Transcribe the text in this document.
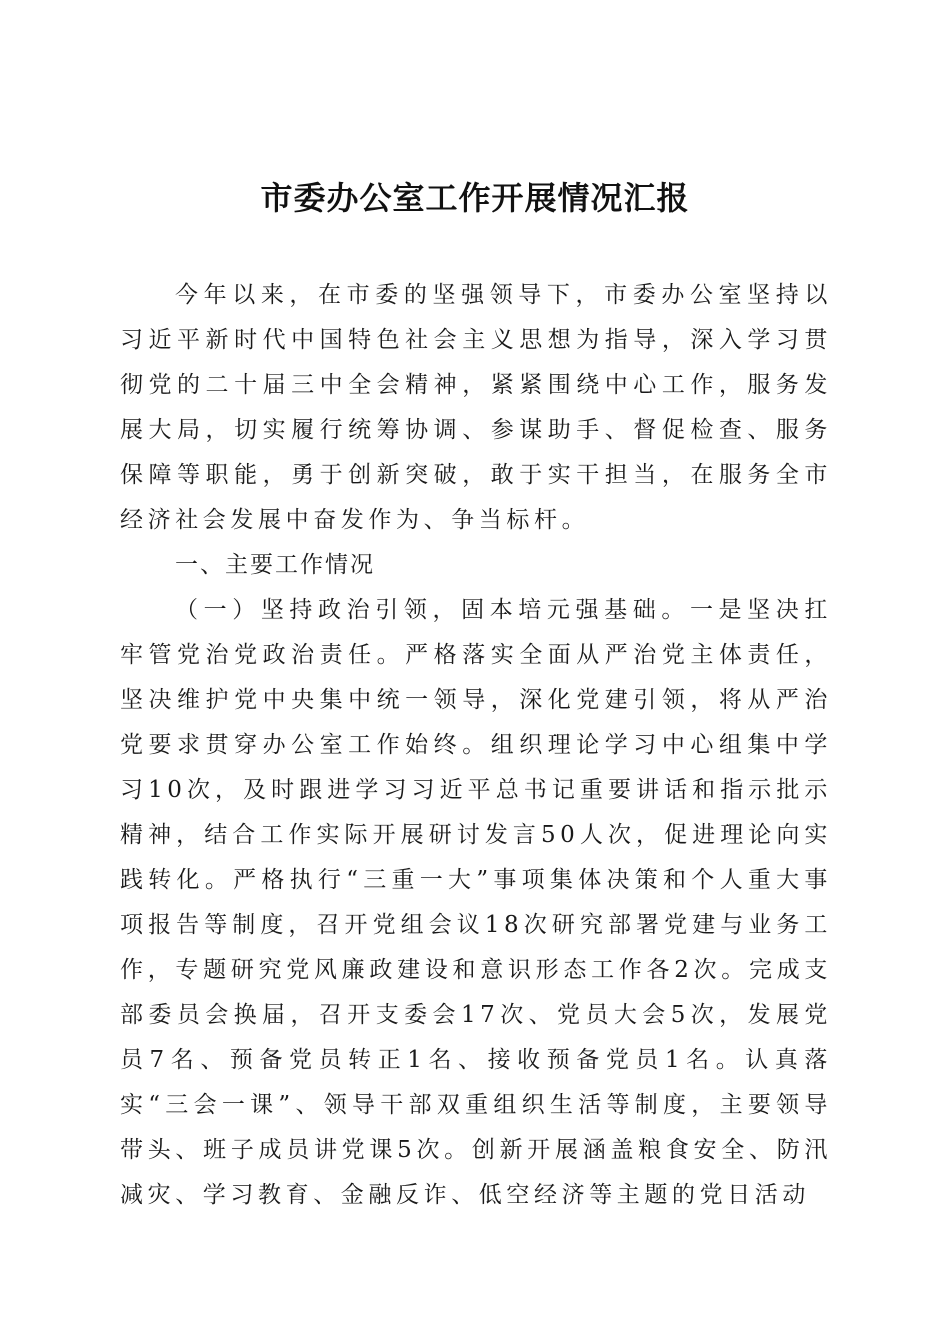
市委办公室工作开展情况汇报

今年以来，在市委的坚强领导下，市委办公室坚持以习近平新时代中国特色社会主义思想为指导，深入学习贯彻党的二十届三中全会精神，紧紧围绕中心工作，服务发展大局，切实履行统筹协调、参谋助手、督促检查、服务保障等职能，勇于创新突破，敢于实干担当，在服务全市经济社会发展中奋发作为、争当标杆。

一、主要工作情况

（一）坚持政治引领，固本培元强基础。一是坚决扛牢管党治党政治责任。严格落实全面从严治党主体责任，坚决维护党中央集中统一领导，深化党建引领，将从严治党要求贯穿办公室工作始终。组织理论学习中心组集中学习10次，及时跟进学习习近平总书记重要讲话和指示批示精神，结合工作实际开展研讨发言50人次，促进理论向实践转化。严格执行“三重一大”事项集体决策和个人重大事项报告等制度，召开党组会议18次研究部署党建与业务工作，专题研究党风廉政建设和意识形态工作各2次。完成支部委员会换届，召开支委会17次、党员大会5次，发展党员7名、预备党员转正1名、接收预备党员1名。认真落实“三会一课”、领导干部双重组织生活等制度，主要领导带头、班子成员讲党课5次。创新开展涵盖粮食安全、防汛减灾、学习教育、金融反诈、低空经济等主题的党日活动
